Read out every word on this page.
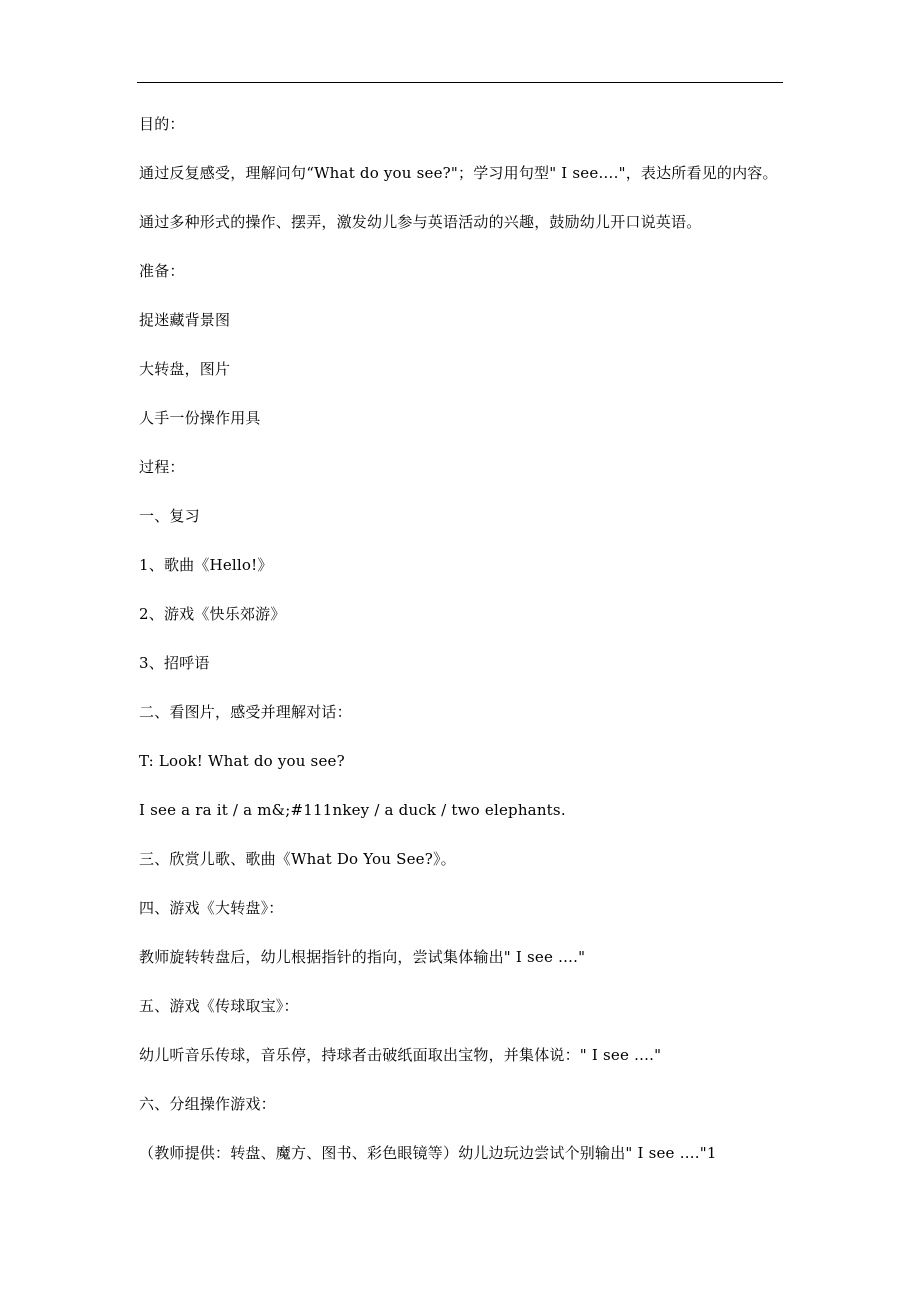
目的：
通过反复感受，理解问句“What do you see?"；学习用句型" I see…."，表达所看见的内容。
通过多种形式的操作、摆弄，激发幼儿参与英语活动的兴趣，鼓励幼儿开口说英语。
准备：
捉迷藏背景图
大转盘，图片
人手一份操作用具
过程：
一、复习
1、歌曲《Hello!》
2、游戏《快乐郊游》
3、招呼语
二、看图片，感受并理解对话：
T: Look! What do you see?
I see a ra it / a m&;#111nkey / a duck / two elephants.
三、欣赏儿歌、歌曲《What Do You See?》。
四、游戏《大转盘》：
教师旋转转盘后，幼儿根据指针的指向，尝试集体输出" I see …."
五、游戏《传球取宝》：
幼儿听音乐传球，音乐停，持球者击破纸面取出宝物，并集体说：" I see …."
六、分组操作游戏：
（教师提供：转盘、魔方、图书、彩色眼镜等）幼儿边玩边尝试个别输出" I see …."1
